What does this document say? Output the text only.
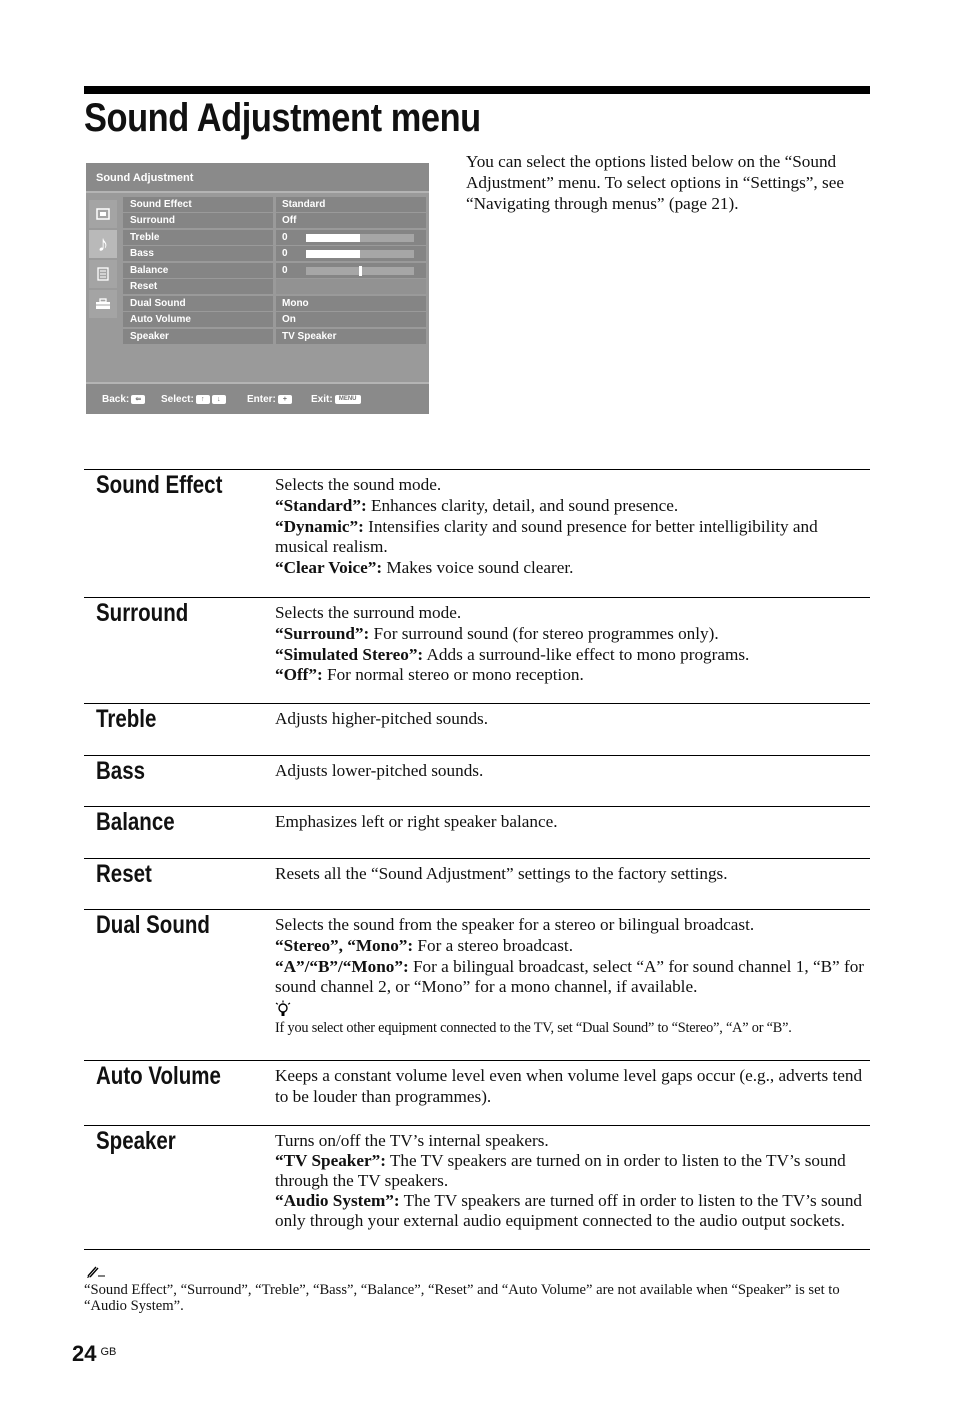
Sound Adjustment menu
You can select the options listed below on the “Sound Adjustment” menu. To select options in “Settings”, see “Navigating through menus” (page 21).
Sound Adjustment
♪
Sound Effect	Standard
Surround	Off
Treble	0
Bass	0
Balance	0
Reset
Dual Sound	Mono
Auto Volume	On
Speaker	TV Speaker
Back: ⇐	Select: ↑ ↓	Enter: +	Exit: MENU
Sound Effect	Selects the sound mode.

“Standard”: Enhances clarity, detail, and sound presence.

“Dynamic”: Intensifies clarity and sound presence for better intelligibility and musical realism.

“Clear Voice”: Makes voice sound clearer.

Surround	Selects the surround mode.

“Surround”: For surround sound (for stereo programmes only).

“Simulated Stereo”: Adds a surround-like effect to mono programs.

“Off”: For normal stereo or mono reception.

Treble	Adjusts higher-pitched sounds.

Bass	Adjusts lower-pitched sounds.

Balance	Emphasizes left or right speaker balance.

Reset	Resets all the “Sound Adjustment” settings to the factory settings.

Dual Sound	Selects the sound from the speaker for a stereo or bilingual broadcast.

“Stereo”, “Mono”: For a stereo broadcast.

“A”/“B”/“Mono”: For a bilingual broadcast, select “A” for sound channel 1, “B” for sound channel 2, or “Mono” for a mono channel, if available.

If you select other equipment connected to the TV, set “Dual Sound” to “Stereo”, “A” or “B”.

Auto Volume	Keeps a constant volume level even when volume level gaps occur (e.g., adverts tend to be louder than programmes).

Speaker	Turns on/off the TV’s internal speakers.

“TV Speaker”: The TV speakers are turned on in order to listen to the TV’s sound through the TV speakers.

“Audio System”: The TV speakers are turned off in order to listen to the TV’s sound only through your external audio equipment connected to the audio output sockets.

“Sound Effect”, “Surround”, “Treble”, “Bass”, “Balance”, “Reset” and “Auto Volume” are not available when “Speaker” is set to “Audio System”.
24 $^{GB}$
